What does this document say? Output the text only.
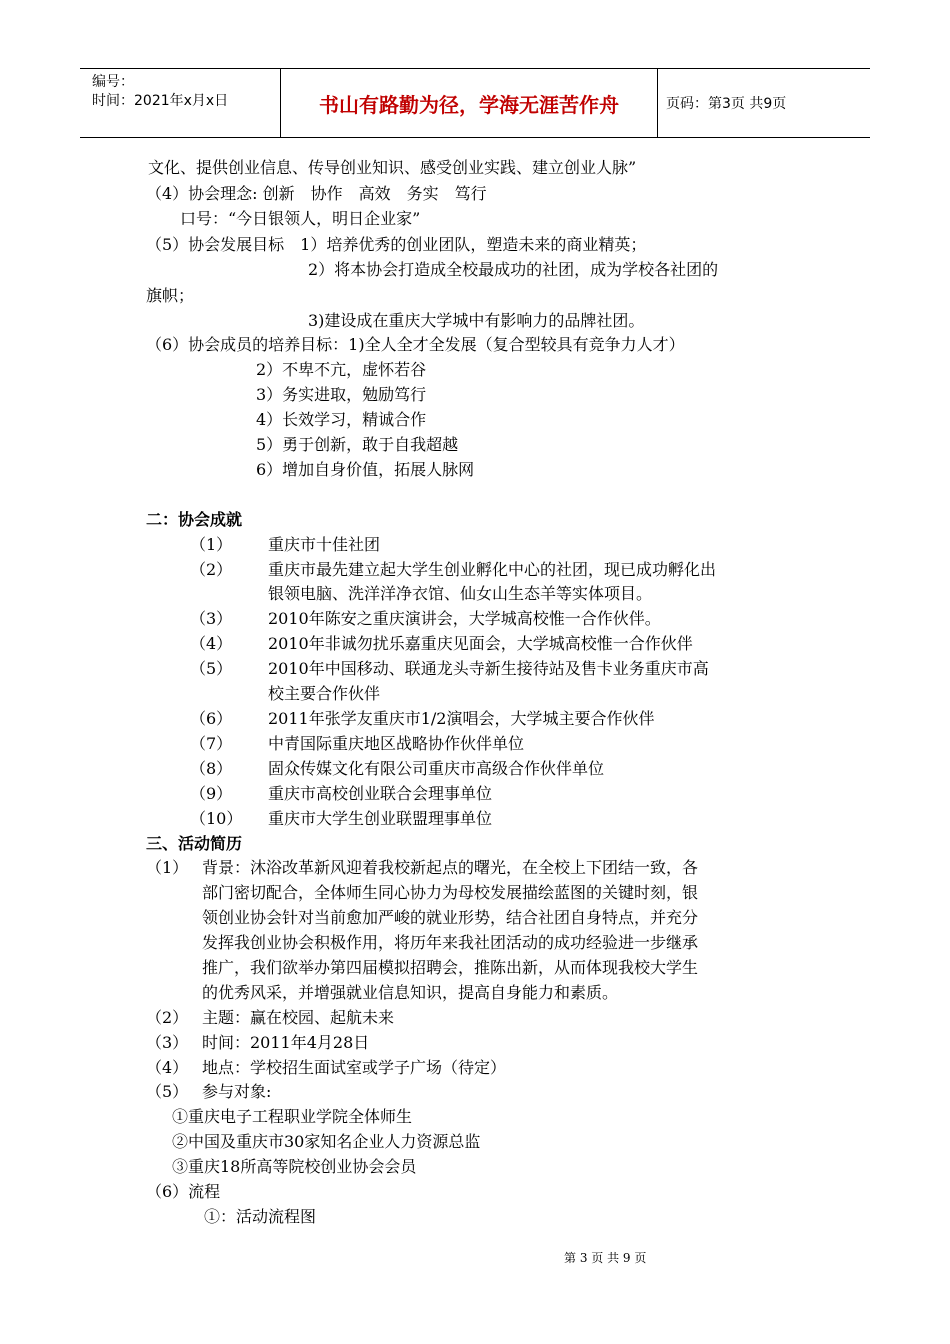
编号：
时间：2021年x月x日	书山有路勤为径，学海无涯苦作舟	页码：第3页 共9页
文化、提供创业信息、传导创业知识、感受创业实践、建立创业人脉”
（4）协会理念: 创新　协作　高效　务实　笃行
口号：“今日银领人，明日企业家”
（5）协会发展目标　1）培养优秀的创业团队，塑造未来的商业精英；
2）将本协会打造成全校最成功的社团，成为学校各社团的
旗帜；
3)建设成在重庆大学城中有影响力的品牌社团。
（6）协会成员的培养目标：1)全人全才全发展（复合型较具有竞争力人才）
2）不卑不亢，虚怀若谷
3）务实进取，勉励笃行
4）长效学习，精诚合作
5）勇于创新，敢于自我超越
6）增加自身价值，拓展人脉网
二：协会成就
（1） 重庆市十佳社团
（2） 重庆市最先建立起大学生创业孵化中心的社团，现已成功孵化出
银领电脑、洗洋洋净衣馆、仙女山生态羊等实体项目。
（3） 2010年陈安之重庆演讲会，大学城高校惟一合作伙伴。
（4） 2010年非诚勿扰乐嘉重庆见面会，大学城高校惟一合作伙伴
（5） 2010年中国移动、联通龙头寺新生接待站及售卡业务重庆市高
校主要合作伙伴
（6） 2011年张学友重庆市1/2演唱会，大学城主要合作伙伴
（7） 中青国际重庆地区战略协作伙伴单位
（8） 固众传媒文化有限公司重庆市高级合作伙伴单位
（9） 重庆市高校创业联合会理事单位
（10） 重庆市大学生创业联盟理事单位
三、活动简历
（1） 背景：沐浴改革新风迎着我校新起点的曙光，在全校上下团结一致，各
部门密切配合，全体师生同心协力为母校发展描绘蓝图的关键时刻，银
领创业协会针对当前愈加严峻的就业形势，结合社团自身特点，并充分
发挥我创业协会积极作用，将历年来我社团活动的成功经验进一步继承
推广，我们欲举办第四届模拟招聘会，推陈出新，从而体现我校大学生
的优秀风采，并增强就业信息知识，提高自身能力和素质。
（2） 主题：赢在校园、起航未来
（3） 时间：2011年4月28日
（4） 地点：学校招生面试室或学子广场（待定）
（5） 参与对象:
①重庆电子工程职业学院全体师生
②中国及重庆市30家知名企业人力资源总监
③重庆18所高等院校创业协会会员
（6）流程
①：活动流程图
第 3 页 共 9 页
